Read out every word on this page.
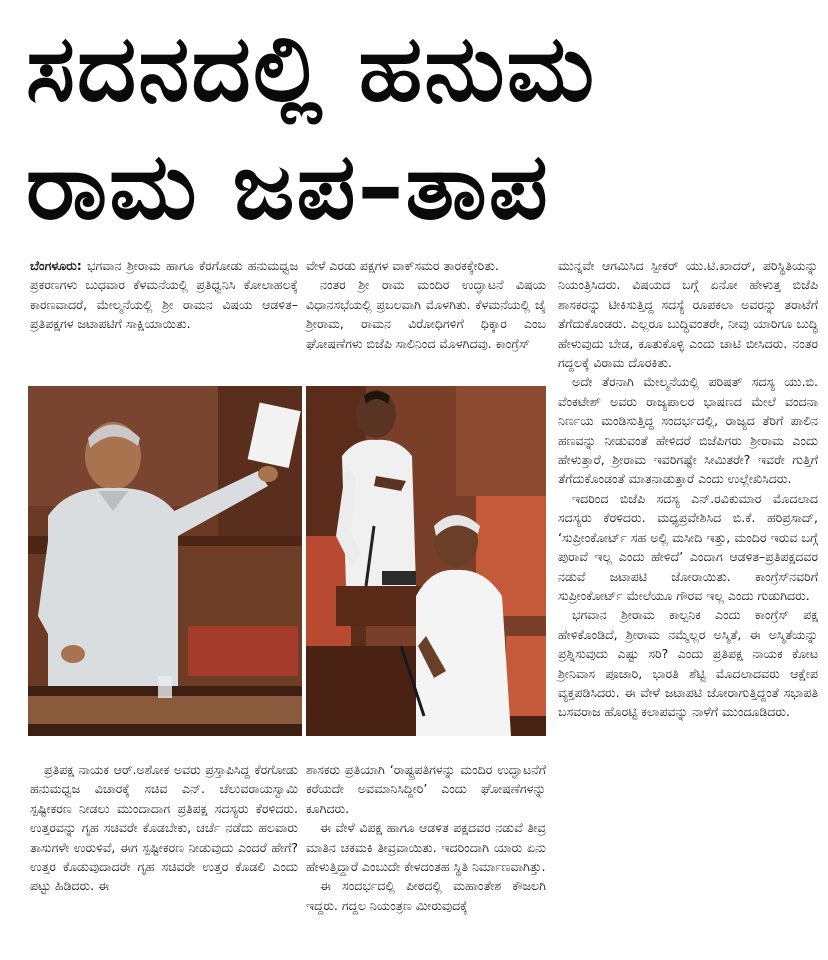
ಸದನದಲ್ಲಿ ಹನುಮ
ರಾಮ ಜಪ–ತಾಪ

ಬೆಂಗಳೂರು: ಭಗವಾನ ಶ್ರೀರಾಮ ಹಾಗೂ ಕೆರಗೋಡು ಹನುಮಧ್ವಜ ಪ್ರಕರಣಗಳು ಬುಧವಾರ ಕೆಳಮನೆಯಲ್ಲಿ ಪ್ರತಿಧ್ವನಿಸಿ ಕೋಲಾಹಲಕ್ಕೆ ಕಾರಣವಾದರೆ, ಮೇಲ್ಮನೆಯಲ್ಲಿ ಶ್ರೀ ರಾಮನ ವಿಷಯ ಆಡಳಿತ–ಪ್ರತಿಪಕ್ಷಗಳ ಜಟಾಪಟಿಗೆ ಸಾಕ್ಷಿಯಾಯಿತು.

ವೇಳೆ ಎರಡು ಪಕ್ಷಗಳ ವಾಕ್‌ಸಮರ ತಾರಕಕ್ಕೇರಿತು.

ನಂತರ ಶ್ರೀ ರಾಮ ಮಂದಿರ ಉದ್ಘಾಟನೆ ವಿಷಯ ವಿಧಾನಸಭೆಯಲ್ಲಿ ಪ್ರಬಲವಾಗಿ ಮೊಳಗಿತು. ಕೆಳಮನೆಯಲ್ಲಿ ಜೈ ಶ್ರೀರಾಮ, ರಾಮನ ವಿರೋಧಿಗಳಿಗೆ ಧಿಕ್ಕಾರ ಎಂಬ ಘೋಷಣೆಗಳು ಬಿಜೆಪಿ ಸಾಲಿನಿಂದ ಮೊಳಗಿದವು. ಕಾಂಗ್ರೆಸ್

ಮುನ್ನವೇ ಆಗಮಿಸಿದ ಸ್ಪೀಕರ್ ಯು.ಟಿ.ಖಾದರ್, ಪರಿಸ್ಥಿತಿಯನ್ನು ನಿಯಂತ್ರಿಸಿದರು. ವಿಷಯದ ಬಗ್ಗೆ ಏನೋ ಹೇಳುತ್ತ ಬಿಜೆಪಿ ಶಾಸಕರನ್ನು ಟೀಕಿಸುತ್ತಿದ್ದ ಸದಸ್ಯೆ ರೂಪಕಲಾ ಅವರನ್ನು ತರಾಟೆಗೆ ತೆಗೆದುಕೊಂಡರು. ಎಲ್ಲರೂ ಬುದ್ಧಿವಂತರೇ, ನೀವು ಯಾರಿಗೂ ಬುದ್ಧಿ ಹೇಳುವುದು ಬೇಡ, ಕೂತುಕೊಳ್ಳಿ ಎಂದು ಚಾಟಿ ಬೀಸಿದರು. ನಂತರ ಗದ್ದಲಕ್ಕೆ ವಿರಾಮ ದೊರಕಿತು.

ಅದೇ ತೆರನಾಗಿ ಮೇಲ್ಮನೆಯಲ್ಲಿ ಪರಿಷತ್ ಸದಸ್ಯ ಯು.ಬಿ. ವೆಂಕಟೇಶ್ ಅವರು ರಾಜ್ಯಪಾಲರ ಭಾಷಣದ ಮೇಲೆ ವಂದನಾ ನಿರ್ಣಯ ಮಂಡಿಸುತ್ತಿದ್ದ ಸಂದರ್ಭದಲ್ಲಿ, ರಾಜ್ಯದ ತೆರಿಗೆ ಪಾಲಿನ ಹಣವನ್ನು ನೀಡುವಂತೆ ಹೇಳಿದರೆ ಬಿಜೆಪಿಗರು ಶ್ರೀರಾಮ ಎಂದು ಹೇಳುತ್ತಾರೆ, ಶ್ರೀರಾಮ ಇವರಿಗಷ್ಟೇ ಸೀಮಿತರೇ? ಇವರೇ ಗುತ್ತಿಗೆ ತೆಗೆದುಕೊಂಡಂತೆ ಮಾತನಾಡುತ್ತಾರೆ ಎಂದು ಉಲ್ಲೇಖಿಸಿದರು.

ಇದರಿಂದ ಬಿಜೆಪಿ ಸದಸ್ಯ ಎನ್.ರವಿಕುಮಾರ ಮೊದಲಾದ ಸದಸ್ಯರು ಕೆರಳಿದರು. ಮಧ್ಯಪ್ರವೇಶಿಸಿದ ಬಿ.ಕೆ. ಹರಿಪ್ರಸಾದ್, ‘ಸುಪ್ರೀಂಕೋರ್ಟ್ ಸಹ ಅಲ್ಲಿ ಮಸೀದಿ ಇತ್ತು, ಮಂದಿರ ಇರುವ ಬಗ್ಗೆ ಪುರಾವೆ ಇಲ್ಲ ಎಂದು ಹೇಳಿದೆ’ ಎಂದಾಗ ಆಡಳಿತ–ಪ್ರತಿಪಕ್ಷದವರ ನಡುವೆ ಜಟಾಪಟಿ ಜೋರಾಯಿತು. ಕಾಂಗ್ರೆಸ್‌ನವರಿಗೆ ಸುಪ್ರೀಂಕೋರ್ಟ್ ಮೇಲೆಯೂ ಗೌರವ ಇಲ್ಲ ಎಂದು ಗುಡುಗಿದರು.

ಭಗವಾನ ಶ್ರೀರಾಮ ಕಾಲ್ಪನಿಕ ಎಂದು ಕಾಂಗ್ರೆಸ್ ಪಕ್ಷ ಹೇಳಿಕೊಂಡಿದೆ, ಶ್ರೀರಾಮ ನಮ್ಮೆಲ್ಲರ ಅಸ್ಮಿತೆ, ಈ ಅಸ್ಮಿತೆಯನ್ನು ಪ್ರಶ್ನಿಸುವುದು ಎಷ್ಟು ಸರಿ? ಎಂದು ಪ್ರತಿಪಕ್ಷ ನಾಯಕ ಕೋಟ ಶ್ರೀನಿವಾಸ ಪೂಜಾರಿ, ಭಾರತಿ ಶೆಟ್ಟಿ ಮೊದಲಾದವರು ಆಕ್ಷೇಪ ವ್ಯಕ್ತಪಡಿಸಿದರು. ಈ ವೇಳೆ ಜಟಾಪಟಿ ಜೋರಾಗುತ್ತಿದ್ದಂತೆ ಸಭಾಪತಿ ಬಸವರಾಜ ಹೊರಟ್ಟಿ ಕಲಾಪವನ್ನು ನಾಳೆಗೆ ಮುಂದೂಡಿದರು.

ಪ್ರತಿಪಕ್ಷ ನಾಯಕ ಆರ್.ಅಶೋಕ ಅವರು ಪ್ರಸ್ತಾಪಿಸಿದ್ದ ಕೆರಗೋಡು ಹನುಮಧ್ವಜ ವಿಚಾರಕ್ಕೆ ಸಚಿವ ಎನ್. ಚೆಲುವರಾಯಸ್ವಾಮಿ ಸ್ಪಷ್ಟೀಕರಣ ನೀಡಲು ಮುಂದಾದಾಗ ಪ್ರತಿಪಕ್ಷ ಸದಸ್ಯರು ಕೆರಳಿದರು. ಉತ್ತರವನ್ನು ಗೃಹ ಸಚಿವರೇ ಕೊಡಬೇಕು, ಚರ್ಚೆ ನಡೆದು ಹಲವಾರು ತಾಸುಗಳೇ ಉರುಳಿವೆ, ಈಗ ಸ್ಪಷ್ಟೀಕರಣ ನೀಡುವುದು ಎಂದರೆ ಹೇಗೆ? ಉತ್ತರ ಕೊಡುವುದಾದರೇ ಗೃಹ ಸಚಿವರೇ ಉತ್ತರ ಕೊಡಲಿ ಎಂದು ಪಟ್ಟು ಹಿಡಿದರು. ಈ

ಶಾಸಕರು ಪ್ರತಿಯಾಗಿ ‘ರಾಷ್ಟ್ರಪತಿಗಳನ್ನು ಮಂದಿರ ಉದ್ಘಾಟನೆಗೆ ಕರೆಯದೇ ಅವಮಾನಿಸಿದ್ದೀರಿ’ ಎಂದು ಘೋಷಣೆಗಳನ್ನು ಕೂಗಿದರು.

ಈ ವೇಳೆ ವಿಪಕ್ಷ ಹಾಗೂ ಆಡಳಿತ ಪಕ್ಷದವರ ನಡುವೆ ತೀವ್ರ ಮಾತಿನ ಚಕಮಕಿ ತೀವ್ರವಾಯಿತು. ಇದರಿಂದಾಗಿ ಯಾರು ಏನು ಹೇಳುತ್ತಿದ್ದಾರೆ ಎಂಬುದೇ ಕೇಳದಂತಹ ಸ್ಥಿತಿ ನಿರ್ಮಾಣವಾಗಿತ್ತು.

ಈ ಸಂದರ್ಭದಲ್ಲಿ ಪೀಠದಲ್ಲಿ ಮಹಾಂತೇಶ ಕೌಜಲಗಿ ಇದ್ದರು. ಗದ್ದಲ ನಿಯಂತ್ರಣ ಮೀರುವುದಕ್ಕೆ
